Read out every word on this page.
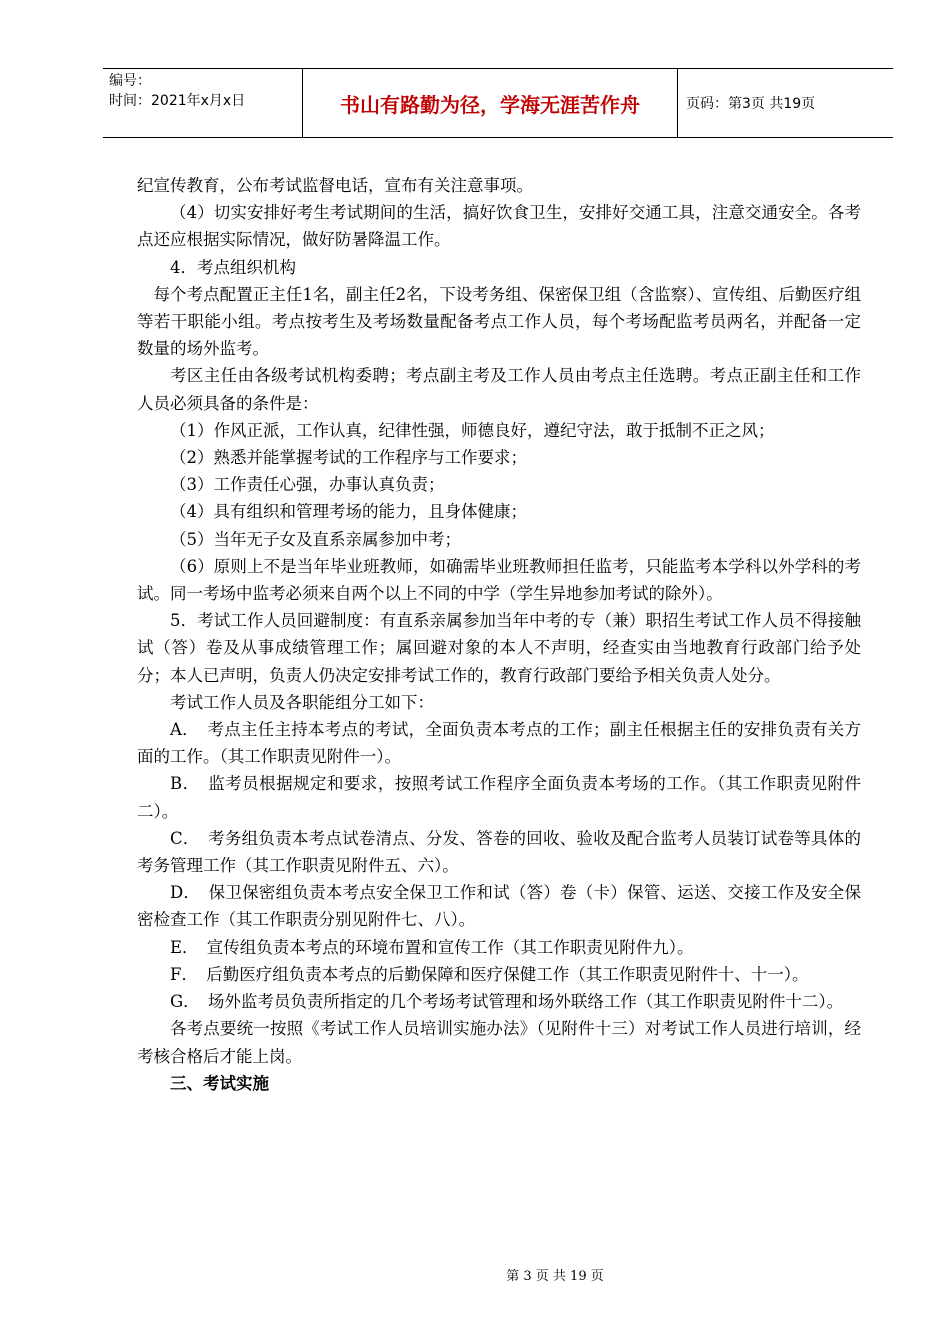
编号：
时间：2021年x月x日	书山有路勤为径，学海无涯苦作舟	页码：第3页 共19页

纪宣传教育，公布考试监督电话，宣布有关注意事项。

（4）切实安排好考生考试期间的生活，搞好饮食卫生，安排好交通工具，注意交通安全。各考点还应根据实际情况，做好防暑降温工作。

4．考点组织机构

每个考点配置正主任1名，副主任2名，下设考务组、保密保卫组（含监察）、宣传组、后勤医疗组等若干职能小组。考点按考生及考场数量配备考点工作人员，每个考场配监考员两名，并配备一定数量的场外监考。

考区主任由各级考试机构委聘；考点副主考及工作人员由考点主任选聘。考点正副主任和工作人员必须具备的条件是：

（1）作风正派，工作认真，纪律性强，师德良好，遵纪守法，敢于抵制不正之风；

（2）熟悉并能掌握考试的工作程序与工作要求；

（3）工作责任心强，办事认真负责；

（4）具有组织和管理考场的能力，且身体健康；

（5）当年无子女及直系亲属参加中考；

（6）原则上不是当年毕业班教师，如确需毕业班教师担任监考，只能监考本学科以外学科的考试。同一考场中监考必须来自两个以上不同的中学（学生异地参加考试的除外）。

5．考试工作人员回避制度：有直系亲属参加当年中考的专（兼）职招生考试工作人员不得接触试（答）卷及从事成绩管理工作；属回避对象的本人不声明，经查实由当地教育行政部门给予处分；本人已声明，负责人仍决定安排考试工作的，教育行政部门要给予相关负责人处分。

考试工作人员及各职能组分工如下：

A．　考点主任主持本考点的考试，全面负责本考点的工作；副主任根据主任的安排负责有关方面的工作。（其工作职责见附件一）。

B．　监考员根据规定和要求，按照考试工作程序全面负责本考场的工作。（其工作职责见附件二）。

C．　考务组负责本考点试卷清点、分发、答卷的回收、验收及配合监考人员装订试卷等具体的考务管理工作（其工作职责见附件五、六）。

D．　保卫保密组负责本考点安全保卫工作和试（答）卷（卡）保管、运送、交接工作及安全保密检查工作（其工作职责分别见附件七、八）。

E．　宣传组负责本考点的环境布置和宣传工作（其工作职责见附件九）。

F．　后勤医疗组负责本考点的后勤保障和医疗保健工作（其工作职责见附件十、十一）。

G．　场外监考员负责所指定的几个考场考试管理和场外联络工作（其工作职责见附件十二）。

各考点要统一按照《考试工作人员培训实施办法》（见附件十三）对考试工作人员进行培训，经考核合格后才能上岗。

三、考试实施

第 3 页 共 19 页
